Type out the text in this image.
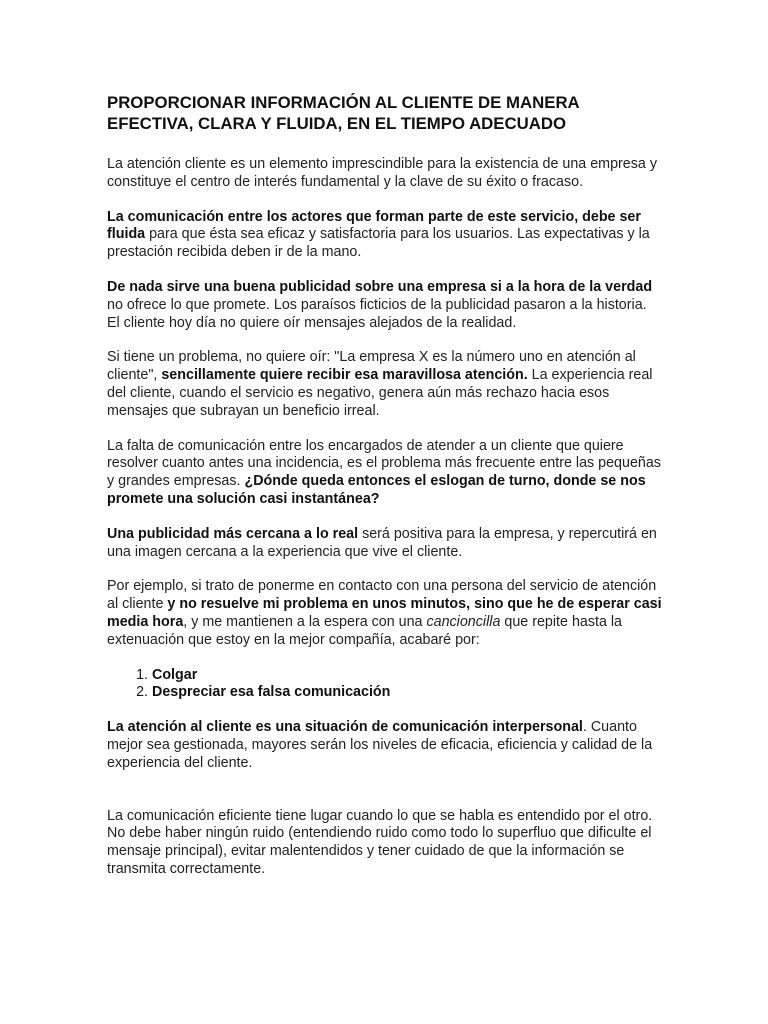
PROPORCIONAR INFORMACIÓN AL CLIENTE DE MANERA EFECTIVA, CLARA Y FLUIDA, EN EL TIEMPO ADECUADO

La atención cliente es un elemento imprescindible para la existencia de una empresa y constituye el centro de interés fundamental y la clave de su éxito o fracaso.

La comunicación entre los actores que forman parte de este servicio, debe ser fluida para que ésta sea eficaz y satisfactoria para los usuarios. Las expectativas y la prestación recibida deben ir de la mano.

De nada sirve una buena publicidad sobre una empresa si a la hora de la verdad no ofrece lo que promete. Los paraísos ficticios de la publicidad pasaron a la historia. El cliente hoy día no quiere oír mensajes alejados de la realidad.

Si tiene un problema, no quiere oír: "La empresa X es la número uno en atención al cliente", sencillamente quiere recibir esa maravillosa atención. La experiencia real del cliente, cuando el servicio es negativo, genera aún más rechazo hacia esos mensajes que subrayan un beneficio irreal.

La falta de comunicación entre los encargados de atender a un cliente que quiere resolver cuanto antes una incidencia, es el problema más frecuente entre las pequeñas y grandes empresas. ¿Dónde queda entonces el eslogan de turno, donde se nos promete una solución casi instantánea?

Una publicidad más cercana a lo real será positiva para la empresa, y repercutirá en una imagen cercana a la experiencia que vive el cliente.

Por ejemplo, si trato de ponerme en contacto con una persona del servicio de atención al cliente y no resuelve mi problema en unos minutos, sino que he de esperar casi media hora, y me mantienen a la espera con una cancioncilla que repite hasta la extenuación que estoy en la mejor compañía, acabaré por:

1. Colgar
2. Despreciar esa falsa comunicación

La atención al cliente es una situación de comunicación interpersonal. Cuanto mejor sea gestionada, mayores serán los niveles de eficacia, eficiencia y calidad de la experiencia del cliente.

La comunicación eficiente tiene lugar cuando lo que se habla es entendido por el otro. No debe haber ningún ruido (entendiendo ruido como todo lo superfluo que dificulte el mensaje principal), evitar malentendidos y tener cuidado de que la información se transmita correctamente.
